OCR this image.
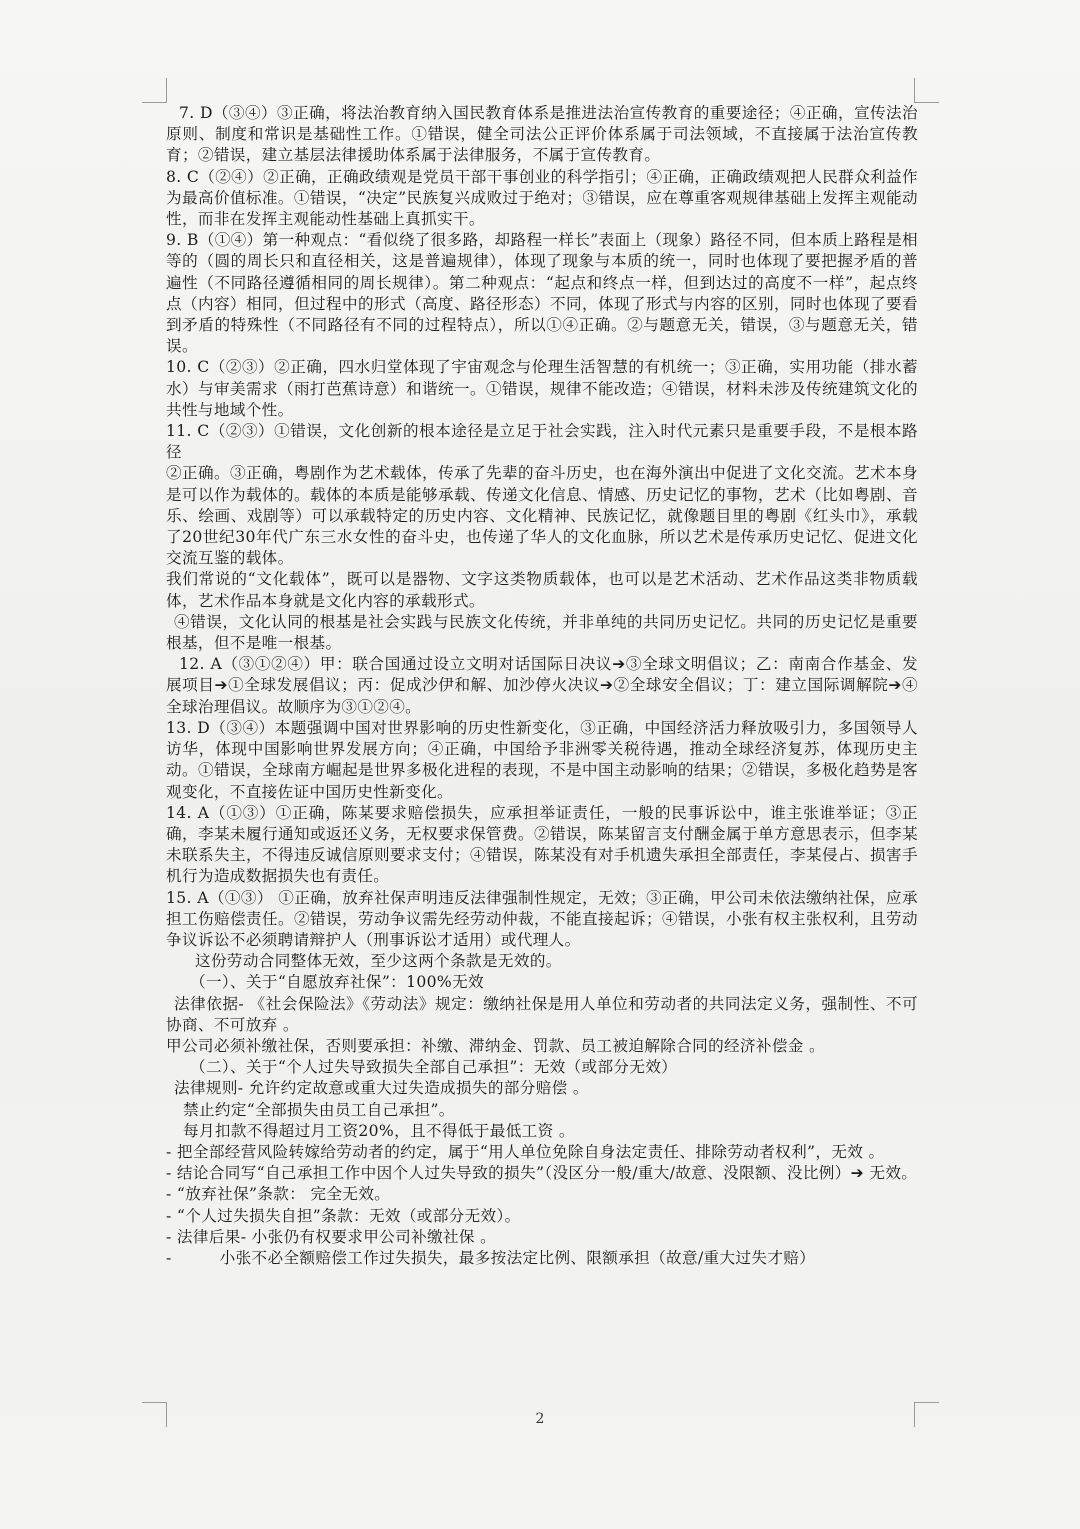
7. D（③④）③正确，将法治教育纳入国民教育体系是推进法治宣传教育的重要途径；④正确，宣传法治原则、制度和常识是基础性工作。①错误，健全司法公正评价体系属于司法领域，不直接属于法治宣传教育；②错误，建立基层法律援助体系属于法律服务，不属于宣传教育。

8. C（②④）②正确，正确政绩观是党员干部干事创业的科学指引；④正确，正确政绩观把人民群众利益作为最高价值标准。①错误，“决定”民族复兴成败过于绝对；③错误，应在尊重客观规律基础上发挥主观能动性，而非在发挥主观能动性基础上真抓实干。

9. B（①④）第一种观点：“看似绕了很多路，却路程一样长”表面上（现象）路径不同，但本质上路程是相等的（圆的周长只和直径相关，这是普遍规律），体现了现象与本质的统一，同时也体现了要把握矛盾的普遍性（不同路径遵循相同的周长规律）。第二种观点：“起点和终点一样，但到达过的高度不一样”，起点终点（内容）相同，但过程中的形式（高度、路径形态）不同，体现了形式与内容的区别，同时也体现了要看到矛盾的特殊性（不同路径有不同的过程特点），所以①④正确。②与题意无关，错误，③与题意无关，错误。

10. C（②③）②正确，四水归堂体现了宇宙观念与伦理生活智慧的有机统一；③正确，实用功能（排水蓄水）与审美需求（雨打芭蕉诗意）和谐统一。①错误，规律不能改造；④错误，材料未涉及传统建筑文化的共性与地域个性。

11. C（②③）①错误，文化创新的根本途径是立足于社会实践，注入时代元素只是重要手段，不是根本路径

②正确。③正确，粤剧作为艺术载体，传承了先辈的奋斗历史，也在海外演出中促进了文化交流。艺术本身是可以作为载体的。载体的本质是能够承载、传递文化信息、情感、历史记忆的事物，艺术（比如粤剧、音乐、绘画、戏剧等）可以承载特定的历史内容、文化精神、民族记忆，就像题目里的粤剧《红头巾》，承载了20世纪30年代广东三水女性的奋斗史，也传递了华人的文化血脉，所以艺术是传承历史记忆、促进文化交流互鉴的载体。

我们常说的“文化载体”，既可以是器物、文字这类物质载体，也可以是艺术活动、艺术作品这类非物质载体，艺术作品本身就是文化内容的承载形式。

④错误，文化认同的根基是社会实践与民族文化传统，并非单纯的共同历史记忆。共同的历史记忆是重要根基，但不是唯一根基。

12. A（③①②④）甲：联合国通过设立文明对话国际日决议➔③全球文明倡议；乙：南南合作基金、发展项目➔①全球发展倡议；丙：促成沙伊和解、加沙停火决议➔②全球安全倡议；丁：建立国际调解院➔④全球治理倡议。故顺序为③①②④。

13. D（③④）本题强调中国对世界影响的历史性新变化，③正确，中国经济活力释放吸引力，多国领导人访华，体现中国影响世界发展方向；④正确，中国给予非洲零关税待遇，推动全球经济复苏，体现历史主动。①错误，全球南方崛起是世界多极化进程的表现，不是中国主动影响的结果；②错误，多极化趋势是客观变化，不直接佐证中国历史性新变化。

14. A（①③）①正确，陈某要求赔偿损失，应承担举证责任，一般的民事诉讼中，谁主张谁举证；③正确，李某未履行通知或返还义务，无权要求保管费。②错误，陈某留言支付酬金属于单方意思表示，但李某未联系失主，不得违反诚信原则要求支付；④错误，陈某没有对手机遗失承担全部责任，李某侵占、损害手机行为造成数据损失也有责任。

15. A（①③） ①正确，放弃社保声明违反法律强制性规定，无效；③正确，甲公司未依法缴纳社保，应承担工伤赔偿责任。②错误，劳动争议需先经劳动仲裁，不能直接起诉；④错误，小张有权主张权利，且劳动争议诉讼不必须聘请辩护人（刑事诉讼才适用）或代理人。

这份劳动合同整体无效，至少这两个条款是无效的。

（一）、关于“自愿放弃社保”：100%无效

法律依据- 《社会保险法》《劳动法》规定：缴纳社保是用人单位和劳动者的共同法定义务，强制性、不可协商、不可放弃 。

甲公司必须补缴社保，否则要承担：补缴、滞纳金、罚款、员工被迫解除合同的经济补偿金 。

（二）、关于“个人过失导致损失全部自己承担”：无效（或部分无效）

法律规则- 允许约定故意或重大过失造成损失的部分赔偿 。

禁止约定“全部损失由员工自己承担”。

每月扣款不得超过月工资20%，且不得低于最低工资 。

- 把全部经营风险转嫁给劳动者的约定，属于“用人单位免除自身法定责任、排除劳动者权利”，无效 。

- 结论合同写“自己承担工作中因个人过失导致的损失”（没区分一般/重大/故意、没限额、没比例）➔ 无效。

- “放弃社保”条款： 完全无效。

- “个人过失损失自担”条款：无效（或部分无效）。

- 法律后果- 小张仍有权要求甲公司补缴社保 。

-	小张不必全额赔偿工作过失损失，最多按法定比例、限额承担（故意/重大过失才赔）

2
